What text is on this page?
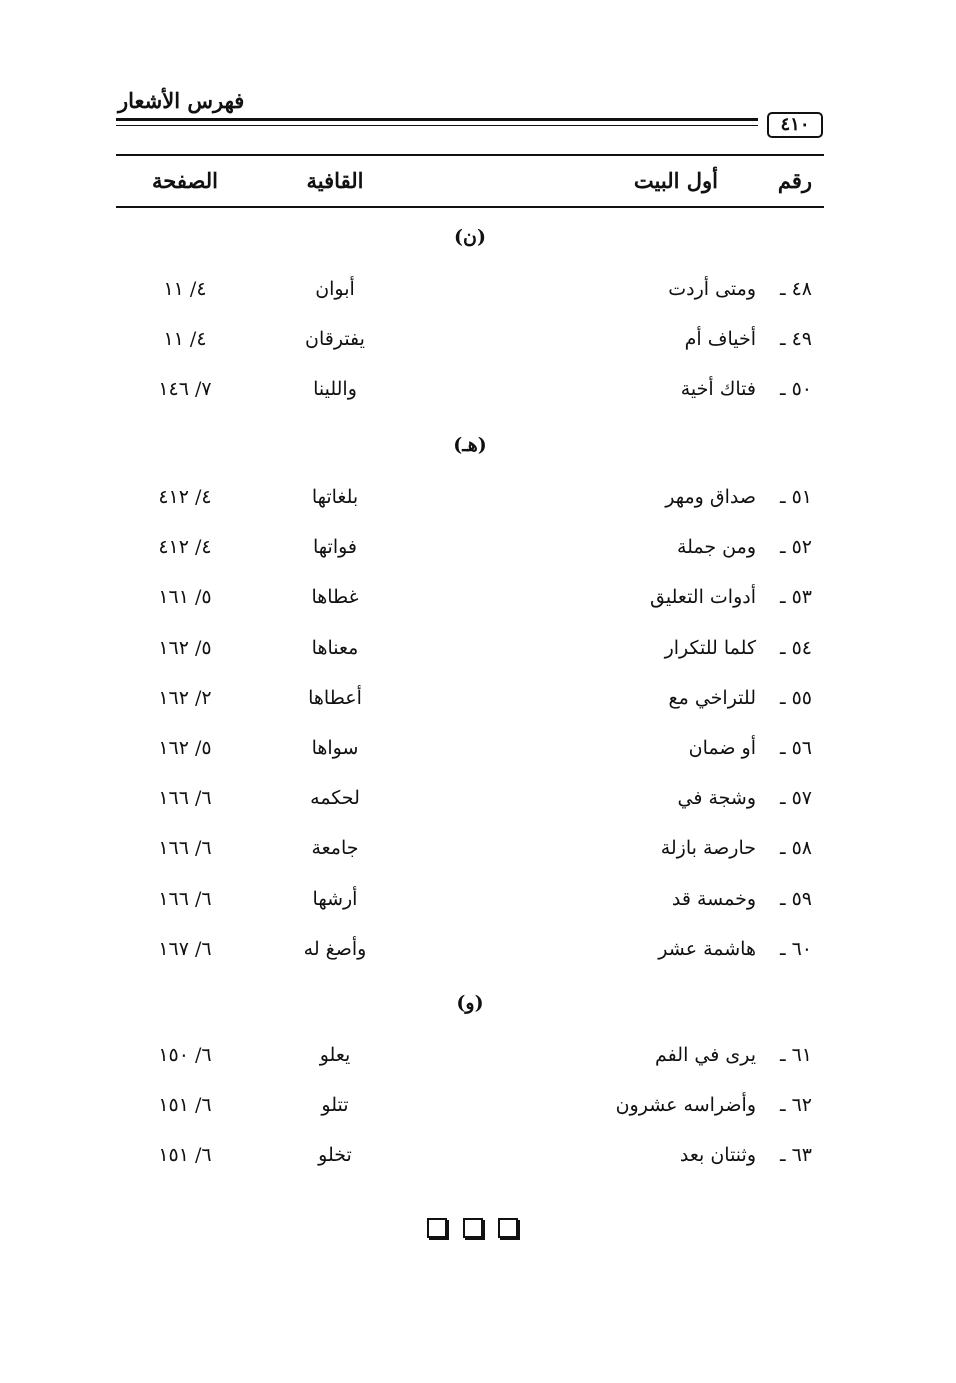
فهرس الأشعار
٤١٠
رقم
أول البيت
القافية
الصفحة
(ن)
٤٨ ـ
ومتى أردت
أبوان
٤/ ١١
٤٩ ـ
أخياف أم
يفترقان
٤/ ١١
٥٠ ـ
فتاك أخية
واللينا
٧/ ١٤٦
(هـ)
٥١ ـ
صداق ومهر
بلغاتها
٤/ ٤١٢
٥٢ ـ
ومن جملة
فواتها
٤/ ٤١٢
٥٣ ـ
أدوات التعليق
غطاها
٥/ ١٦١
٥٤ ـ
كلما للتكرار
معناها
٥/ ١٦٢
٥٥ ـ
للتراخي مع
أعطاها
٢/ ١٦٢
٥٦ ـ
أو ضمان
سواها
٥/ ١٦٢
٥٧ ـ
وشجة في
لحكمه
٦/ ١٦٦
٥٨ ـ
حارصة بازلة
جامعة
٦/ ١٦٦
٥٩ ـ
وخمسة قد
أرشها
٦/ ١٦٦
٦٠ ـ
هاشمة عشر
وأصغ له
٦/ ١٦٧
(و)
٦١ ـ
يرى في الفم
يعلو
٦/ ١٥٠
٦٢ ـ
وأضراسه عشرون
تتلو
٦/ ١٥١
٦٣ ـ
وثنتان بعد
تخلو
٦/ ١٥١
